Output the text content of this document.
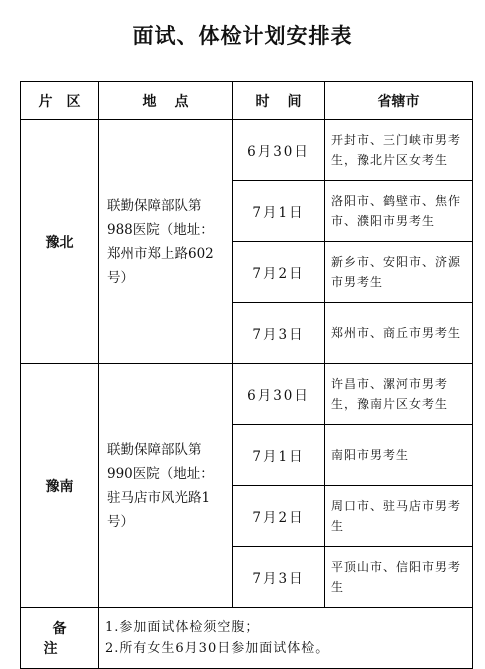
面试、体检计划安排表
片区	地点	时间	省辖市
豫北	联勤保障部队第988医院（地址：郑州市郑上路602号）	6月30日	开封市、三门峡市男考生，豫北片区女考生
		7月1日	洛阳市、鹤壁市、焦作市、濮阳市男考生
		7月2日	新乡市、安阳市、济源市男考生
		7月3日	郑州市、商丘市男考生
豫南	联勤保障部队第990医院（地址：驻马店市风光路1号）	6月30日	许昌市、漯河市男考生，豫南片区女考生
		7月1日	南阳市男考生
		7月2日	周口市、驻马店市男考生
		7月3日	平顶山市、信阳市男考生
备注	1.参加面试体检须空腹；
2.所有女生6月30日参加面试体检。		
